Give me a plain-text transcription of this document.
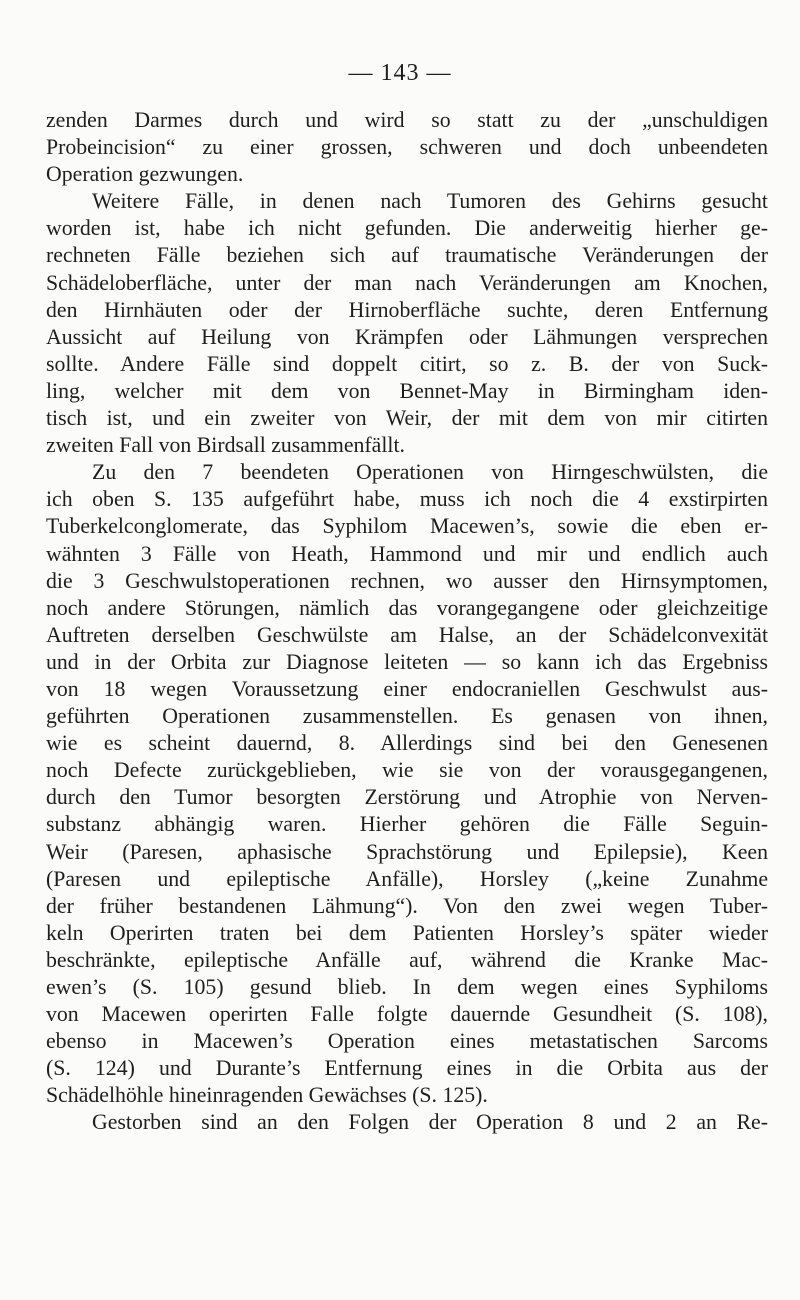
— 143 —
zenden Darmes durch und wird so statt zu der „unschuldigen
Probeincision“ zu einer grossen, schweren und doch unbeendeten
Operation gezwungen.
Weitere Fälle, in denen nach Tumoren des Gehirns gesucht
worden ist, habe ich nicht gefunden. Die anderweitig hierher ge-
rechneten Fälle beziehen sich auf traumatische Veränderungen der
Schädeloberfläche, unter der man nach Veränderungen am Knochen,
den Hirnhäuten oder der Hirnoberfläche suchte, deren Entfernung
Aussicht auf Heilung von Krämpfen oder Lähmungen versprechen
sollte. Andere Fälle sind doppelt citirt, so z. B. der von Suck-
ling, welcher mit dem von Bennet-May in Birmingham iden-
tisch ist, und ein zweiter von Weir, der mit dem von mir citirten
zweiten Fall von Birdsall zusammenfällt.
Zu den 7 beendeten Operationen von Hirngeschwülsten, die
ich oben S. 135 aufgeführt habe, muss ich noch die 4 exstirpirten
Tuberkelconglomerate, das Syphilom Macewen’s, sowie die eben er-
wähnten 3 Fälle von Heath, Hammond und mir und endlich auch
die 3 Geschwulstoperationen rechnen, wo ausser den Hirnsymptomen,
noch andere Störungen, nämlich das vorangegangene oder gleichzeitige
Auftreten derselben Geschwülste am Halse, an der Schädelconvexität
und in der Orbita zur Diagnose leiteten — so kann ich das Ergebniss
von 18 wegen Voraussetzung einer endocraniellen Geschwulst aus-
geführten Operationen zusammenstellen. Es genasen von ihnen,
wie es scheint dauernd, 8. Allerdings sind bei den Genesenen
noch Defecte zurückgeblieben, wie sie von der vorausgegangenen,
durch den Tumor besorgten Zerstörung und Atrophie von Nerven-
substanz abhängig waren. Hierher gehören die Fälle Seguin-
Weir (Paresen, aphasische Sprachstörung und Epilepsie), Keen
(Paresen und epileptische Anfälle), Horsley („keine Zunahme
der früher bestandenen Lähmung“). Von den zwei wegen Tuber-
keln Operirten traten bei dem Patienten Horsley’s später wieder
beschränkte, epileptische Anfälle auf, während die Kranke Mac-
ewen’s (S. 105) gesund blieb. In dem wegen eines Syphiloms
von Macewen operirten Falle folgte dauernde Gesundheit (S. 108),
ebenso in Macewen’s Operation eines metastatischen Sarcoms
(S. 124) und Durante’s Entfernung eines in die Orbita aus der
Schädelhöhle hineinragenden Gewächses (S. 125).
Gestorben sind an den Folgen der Operation 8 und 2 an Re-
